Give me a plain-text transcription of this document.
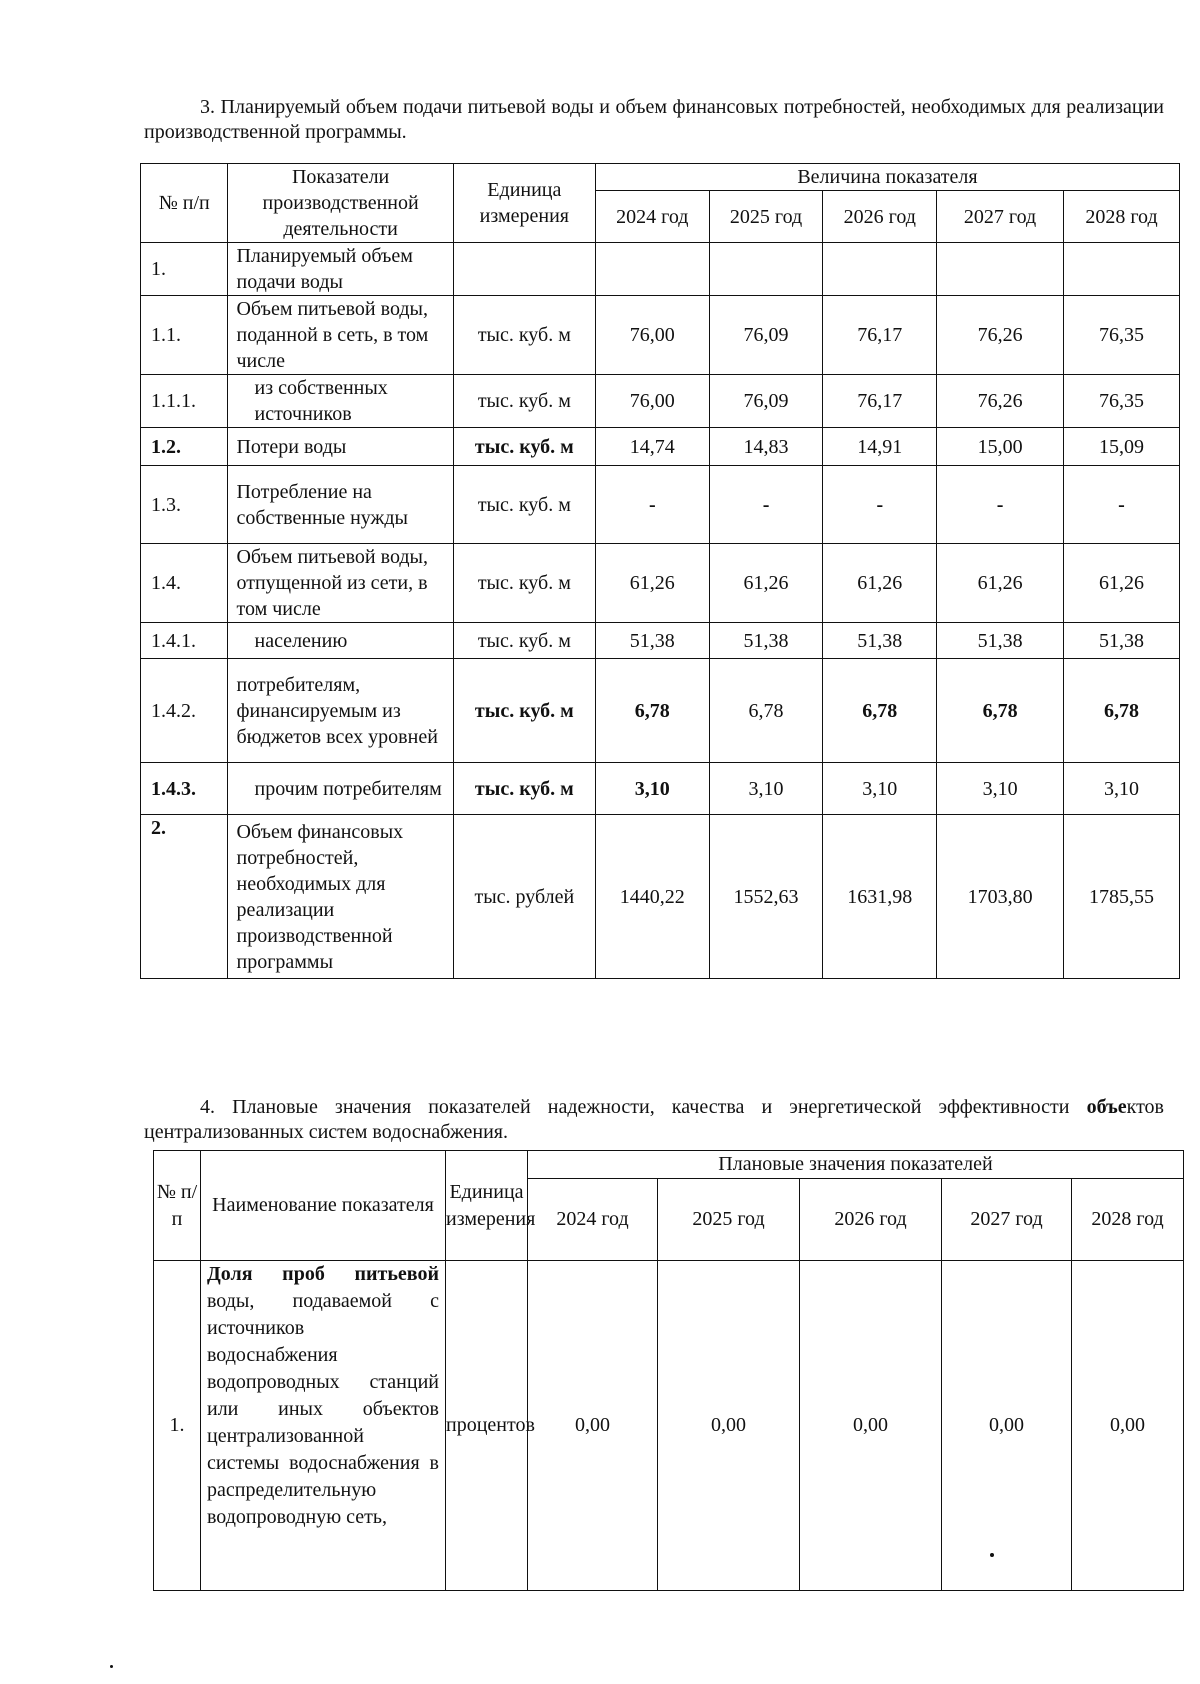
3. Планируемый объем подачи питьевой воды и объем финансовых потребностей, необходимых для реализации производственной программы.

№ п/п	Показатели производственной деятельности	Единица измерения	Величина показателя				
			2024 год	2025 год	2026 год	2027 год	2028 год
1.	Планируемый объем подачи воды						
1.1.	Объем питьевой воды, поданной в сеть, в том числе	тыс. куб. м	76,00	76,09	76,17	76,26	76,35
1.1.1.	из собственных источников	тыс. куб. м	76,00	76,09	76,17	76,26	76,35
1.2.	Потери воды	тыс. куб. м	14,74	14,83	14,91	15,00	15,09
1.3.	Потребление на собственные нужды	тыс. куб. м	-	-	-	-	-
1.4.	Объем питьевой воды, отпущенной из сети, в том числе	тыс. куб. м	61,26	61,26	61,26	61,26	61,26
1.4.1.	населению	тыс. куб. м	51,38	51,38	51,38	51,38	51,38
1.4.2.	потребителям, финансируемым из бюджетов всех уровней	тыс. куб. м	6,78	6,78	6,78	6,78	6,78
1.4.3.	прочим потребителям	тыс. куб. м	3,10	3,10	3,10	3,10	3,10
2.	Объем финансовых потребностей, необходимых для реализации производственной программы	тыс. рублей	1440,22	1552,63	1631,98	1703,80	1785,55

4. Плановые значения показателей надежности, качества и энергетической эффективности объектов централизованных систем водоснабжения.

№ п/ п	Наименование показателя	Единица измерения	Плановые значения показателей				
			2024 год	2025 год	2026 год	2027 год	2028 год
1.	Доля проб питьевой воды, подаваемой с источников водоснабжения водопроводных станций или иных объектов централизованной системы водоснабжения в распределительную водопроводную сеть,	процентов	0,00	0,00	0,00	0,00	0,00
